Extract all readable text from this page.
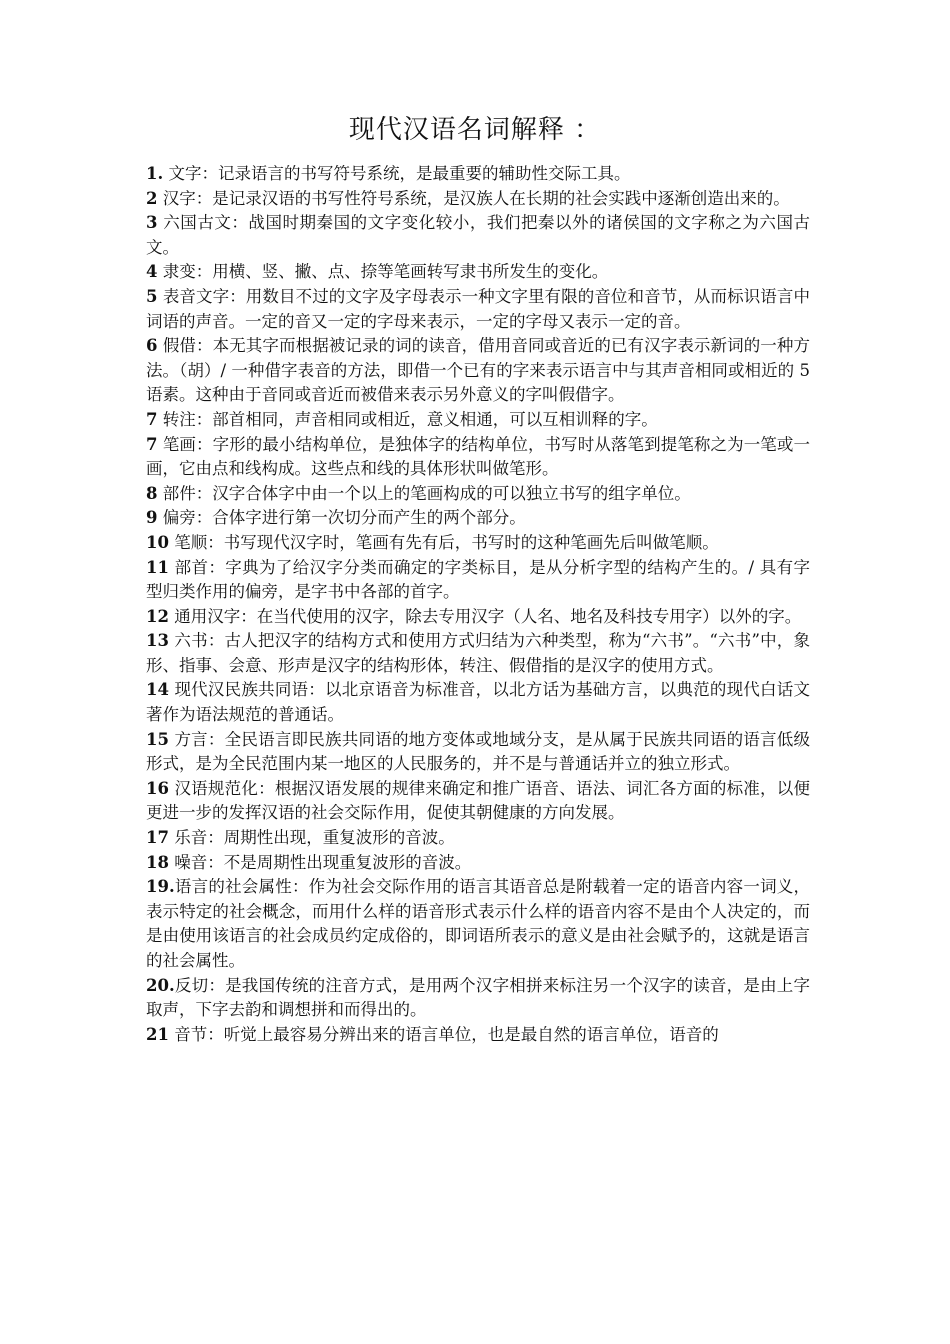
现代汉语名词解释 ：

1. 文字：记录语言的书写符号系统，是最重要的辅助性交际工具。

2 汉字：是记录汉语的书写性符号系统，是汉族人在长期的社会实践中逐渐创造出来的。

3 六国古文：战国时期秦国的文字变化较小，我们把秦以外的诸侯国的文字称之为六国古文。

4 隶变：用横、竖、撇、点、捺等笔画转写隶书所发生的变化。

5 表音文字：用数目不过的文字及字母表示一种文字里有限的音位和音节，从而标识语言中词语的声音。一定的音又一定的字母来表示，一定的字母又表示一定的音。

6 假借：本无其字而根据被记录的词的读音，借用音同或音近的已有汉字表示新词的一种方法。（胡）/ 一种借字表音的方法，即借一个已有的字来表示语言中与其声音相同或相近的 5 语素。这种由于音同或音近而被借来表示另外意义的字叫假借字。

7 转注：部首相同，声音相同或相近，意义相通，可以互相训释的字。

7 笔画：字形的最小结构单位，是独体字的结构单位，书写时从落笔到提笔称之为一笔或一画，它由点和线构成。这些点和线的具体形状叫做笔形。

8 部件：汉字合体字中由一个以上的笔画构成的可以独立书写的组字单位。

9 偏旁：合体字进行第一次切分而产生的两个部分。

10 笔顺：书写现代汉字时，笔画有先有后，书写时的这种笔画先后叫做笔顺。

11 部首：字典为了给汉字分类而确定的字类标目，是从分析字型的结构产生的。/ 具有字型归类作用的偏旁，是字书中各部的首字。

12 通用汉字：在当代使用的汉字，除去专用汉字（人名、地名及科技专用字）以外的字。

13 六书：古人把汉字的结构方式和使用方式归结为六种类型，称为“六书”。“六书”中，象形、指事、会意、形声是汉字的结构形体，转注、假借指的是汉字的使用方式。

14 现代汉民族共同语：以北京语音为标准音，以北方话为基础方言，以典范的现代白话文著作为语法规范的普通话。

15 方言：全民语言即民族共同语的地方变体或地域分支，是从属于民族共同语的语言低级形式，是为全民范围内某一地区的人民服务的，并不是与普通话并立的独立形式。

16 汉语规范化：根据汉语发展的规律来确定和推广语音、语法、词汇各方面的标准，以便更进一步的发挥汉语的社会交际作用，促使其朝健康的方向发展。

17 乐音：周期性出现，重复波形的音波。

18 噪音：不是周期性出现重复波形的音波。

19.语言的社会属性：作为社会交际作用的语言其语音总是附载着一定的语音内容一词义，表示特定的社会概念，而用什么样的语音形式表示什么样的语音内容不是由个人决定的，而是由使用该语言的社会成员约定成俗的，即词语所表示的意义是由社会赋予的，这就是语言的社会属性。

20.反切：是我国传统的注音方式，是用两个汉字相拼来标注另一个汉字的读音，是由上字取声，下字去韵和调想拼和而得出的。

21 音节：听觉上最容易分辨出来的语言单位，也是最自然的语言单位，语音的
